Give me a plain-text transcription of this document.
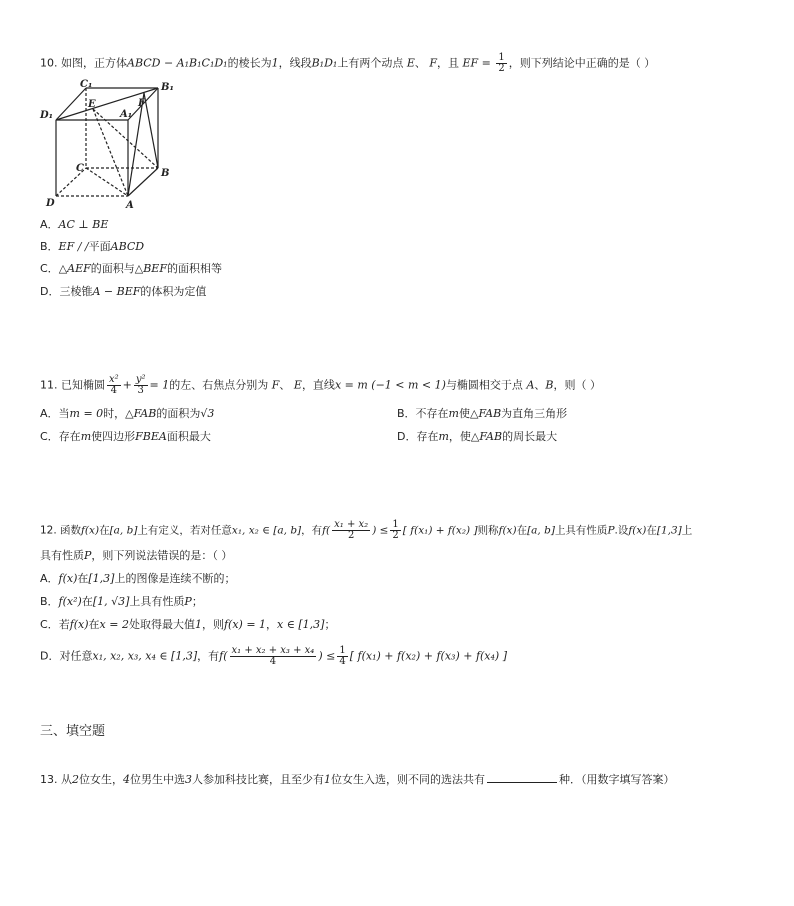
10. 如图，正方体ABCD − A₁B₁C₁D₁的棱长为1，线段B₁D₁上有两个动点 E、 F，且 EF = $\frac{1}{2}$ ，则下列结论中正确的是（ ）
C₁	B₁
E	F
A₁
D₁
C	B
D	A
A．AC ⊥ BE
B．EF / /平面ABCD
C．△AEF的面积与△BEF的面积相等
D．三棱锥A − BEF的体积为定值
11. 已知椭圆 $\frac{\text{x²}}{4} + \frac{\text{y²}}{3} = 1$的左、右焦点分别为 F、 E，直线x = m (−1 < m < 1)与椭圆相交于点 A、B，则（ ）
A．当m = 0时，△FAB的面积为√3	B．不存在m使△FAB为直角三角形
C．存在m使四边形FBEA面积最大	D．存在m，使△FAB的周长最大
12. 函数f(x)在[a, b]上有定义，若对任意x₁, x₂ ∈ [a, b]，有$f( \frac{\text{x₁ + x₂}}{2}$ ) ≤ $\frac{1}{2}$ [ f(x₁) + f(x₂) ]则称f(x)在[a, b]上具有性质P.设f(x)在[1,3]上
具有性质P，则下列说法错误的是：（ ）
A．f(x)在[1,3]上的图像是连续不断的；
B．f(x²)在[1, √3]上具有性质P；
C．若f(x)在x = 2处取得最大值1，则f(x) = 1，x ∈ [1,3]；
D．对任意x₁, x₂, x₃, x₄ ∈ [1,3]，有$f( \frac{\text{x₁ + x₂ + x₃ + x₄}}{4}$ ) ≤ $\frac{1}{4}$ [ f(x₁) + f(x₂) + f(x₃) + f(x₄) ]
三、填空题
13. 从2位女生，4位男生中选3人参加科技比赛，且至少有1位女生入选，则不同的选法共有	种．（用数字填写答案）
